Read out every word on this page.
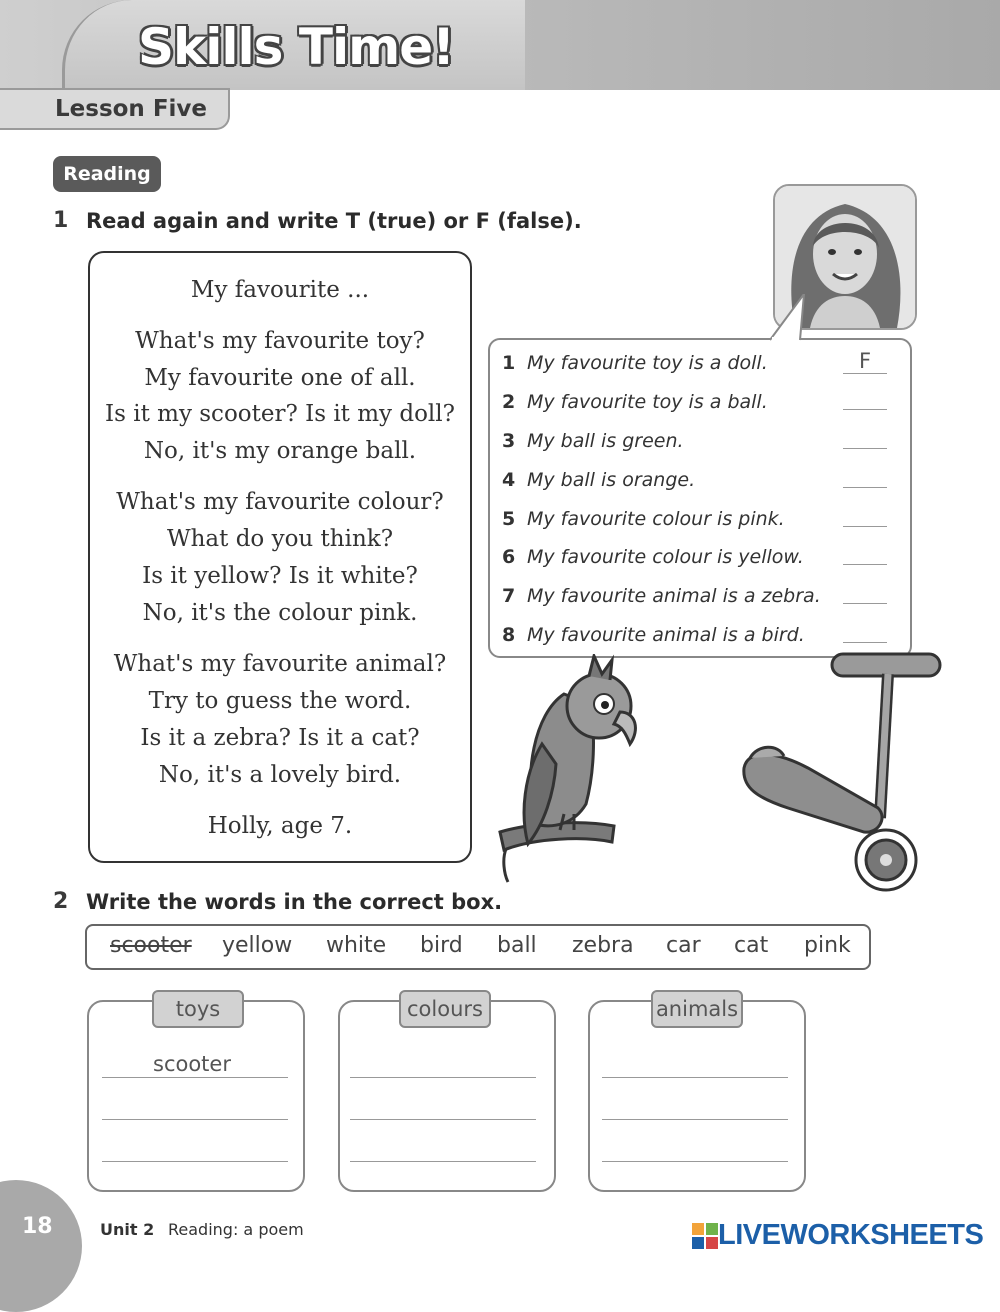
Skills Time!
Lesson Five
Reading
1 Read again and write T (true) or F (false).
My favourite ...
What's my favourite toy?
My favourite one of all.
Is it my scooter? Is it my doll?
No, it's my orange ball.
What's my favourite colour?
What do you think?
Is it yellow? Is it white?
No, it's the colour pink.
What's my favourite animal?
Try to guess the word.
Is it a zebra? Is it a cat?
No, it's a lovely bird.
Holly, age 7.
1 My favourite toy is a doll.	F
2 My favourite toy is a ball.
3 My ball is green.
4 My ball is orange.
5 My favourite colour is pink.
6 My favourite colour is yellow.
7 My favourite animal is a zebra.
8 My favourite animal is a bird.
2 Write the words in the correct box.
scooter yellow white bird ball zebra car cat pink
toys
scooter
colours	animals
18	Unit 2 Reading: a poem	LIVEWORKSHEETS
